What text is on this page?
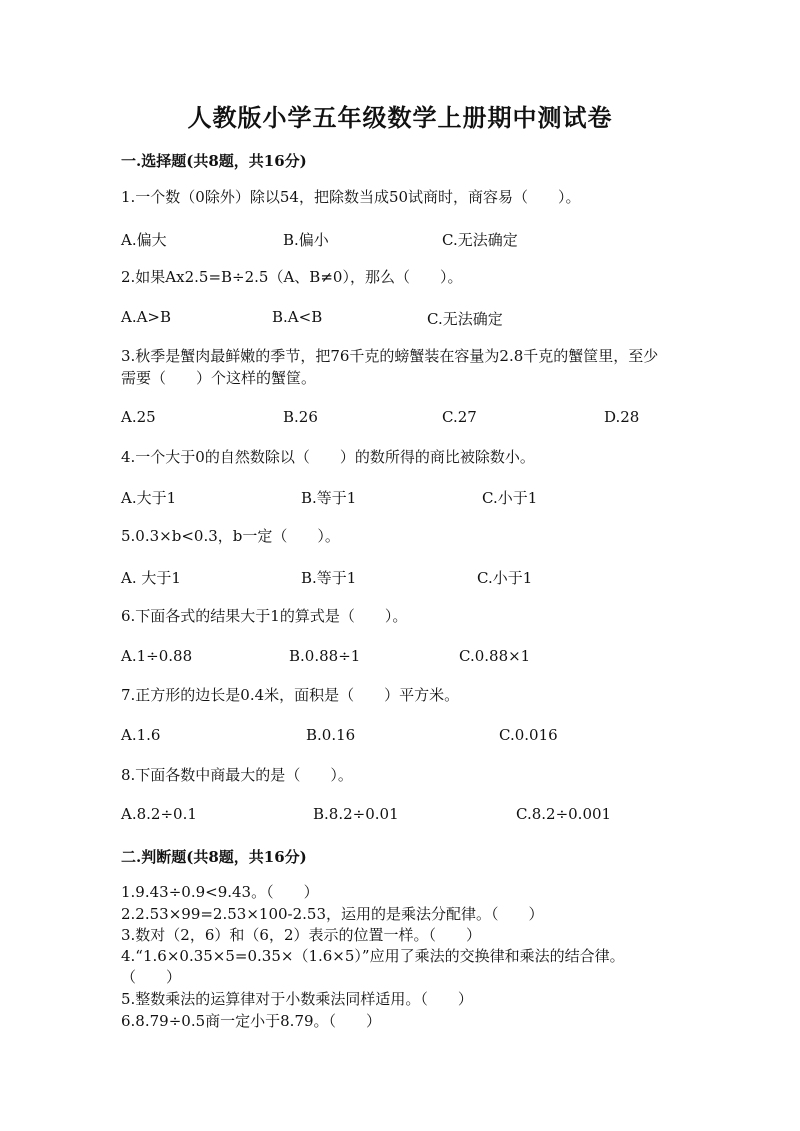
人教版小学五年级数学上册期中测试卷
一.选择题(共8题，共16分)
1.一个数（0除外）除以54，把除数当成50试商时，商容易（　　）。
A.偏大	B.偏小	C.无法确定
2.如果Ax2.5=B÷2.5（A、B≠0），那么（　　）。
A.A>B	B.A<B	C.无法确定
3.秋季是蟹肉最鲜嫩的季节，把76千克的螃蟹装在容量为2.8千克的蟹筐里，至少需要（　　）个这样的蟹筐。
A.25	B.26	C.27	D.28
4.一个大于0的自然数除以（　　）的数所得的商比被除数小。
A.大于1	B.等于1	C.小于1
5.0.3×b<0.3，b一定（　　）。
A. 大于1	B.等于1	C.小于1
6.下面各式的结果大于1的算式是（　　）。
A.1÷0.88	B.0.88÷1	C.0.88×1
7.正方形的边长是0.4米，面积是（　　）平方米。
A.1.6	B.0.16	C.0.016
8.下面各数中商最大的是（　　）。
A.8.2÷0.1	B.8.2÷0.01	C.8.2÷0.001
二.判断题(共8题，共16分)
1.9.43÷0.9<9.43。（　　）
2.2.53×99=2.53×100-2.53，运用的是乘法分配律。（　　）
3.数对（2，6）和（6，2）表示的位置一样。（　　）
4.“1.6×0.35×5=0.35×（1.6×5）”应用了乘法的交换律和乘法的结合律。（　　）
5.整数乘法的运算律对于小数乘法同样适用。（　　）
6.8.79÷0.5商一定小于8.79。（　　）
